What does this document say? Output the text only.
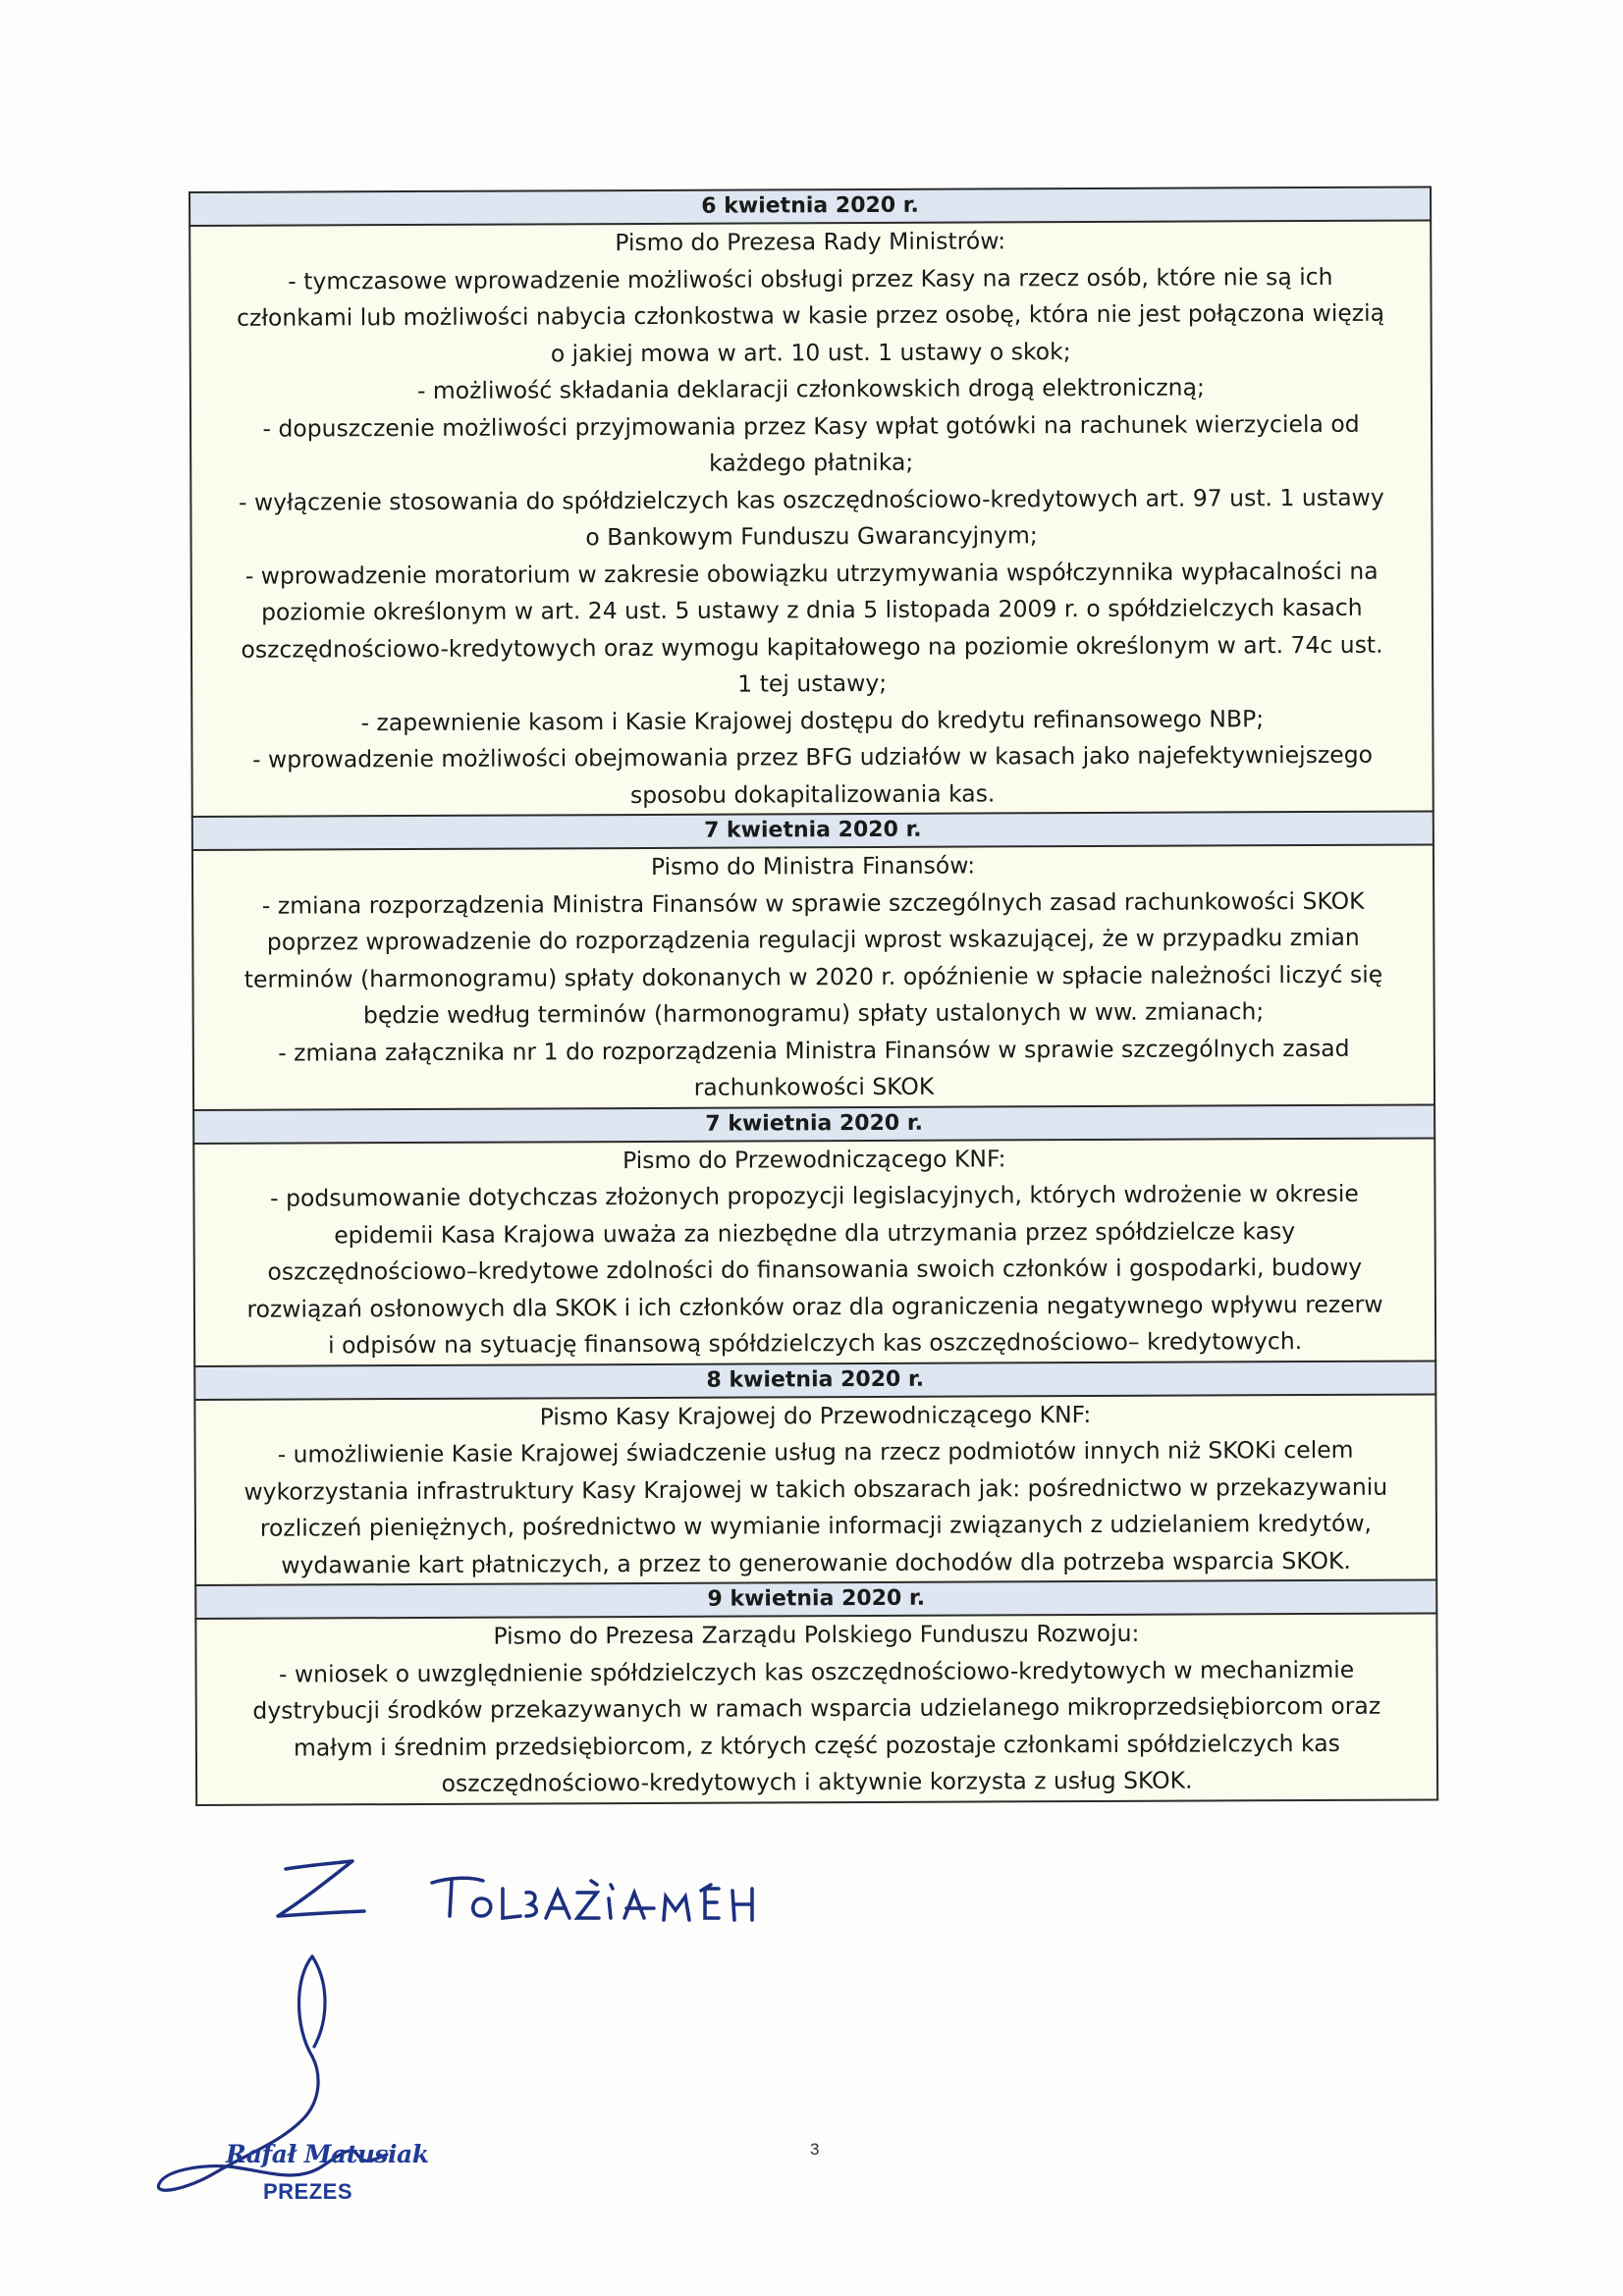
6 kwietnia 2020 r.

Pismo do Prezesa Rady Ministrów:
- tymczasowe wprowadzenie możliwości obsługi przez Kasy na rzecz osób, które nie są ich
członkami lub możliwości nabycia członkostwa w kasie przez osobę, która nie jest połączona więzią
o jakiej mowa w art. 10 ust. 1 ustawy o skok;
- możliwość składania deklaracji członkowskich drogą elektroniczną;
- dopuszczenie możliwości przyjmowania przez Kasy wpłat gotówki na rachunek wierzyciela od
każdego płatnika;
- wyłączenie stosowania do spółdzielczych kas oszczędnościowo-kredytowych art. 97 ust. 1 ustawy
o Bankowym Funduszu Gwarancyjnym;
- wprowadzenie moratorium w zakresie obowiązku utrzymywania współczynnika wypłacalności na
poziomie określonym w art. 24 ust. 5 ustawy z dnia 5 listopada 2009 r. o spółdzielczych kasach
oszczędnościowo-kredytowych oraz wymogu kapitałowego na poziomie określonym w art. 74c ust.
1 tej ustawy;
- zapewnienie kasom i Kasie Krajowej dostępu do kredytu refinansowego NBP;
- wprowadzenie możliwości obejmowania przez BFG udziałów w kasach jako najefektywniejszego
sposobu dokapitalizowania kas.

7 kwietnia 2020 r.

Pismo do Ministra Finansów:
- zmiana rozporządzenia Ministra Finansów w sprawie szczególnych zasad rachunkowości SKOK
poprzez wprowadzenie do rozporządzenia regulacji wprost wskazującej, że w przypadku zmian
terminów (harmonogramu) spłaty dokonanych w 2020 r. opóźnienie w spłacie należności liczyć się
będzie według terminów (harmonogramu) spłaty ustalonych w ww. zmianach;
- zmiana załącznika nr 1 do rozporządzenia Ministra Finansów w sprawie szczególnych zasad
rachunkowości SKOK

7 kwietnia 2020 r.

Pismo do Przewodniczącego KNF:
- podsumowanie dotychczas złożonych propozycji legislacyjnych, których wdrożenie w okresie
epidemii Kasa Krajowa uważa za niezbędne dla utrzymania przez spółdzielcze kasy
oszczędnościowo–kredytowe zdolności do finansowania swoich członków i gospodarki, budowy
rozwiązań osłonowych dla SKOK i ich członków oraz dla ograniczenia negatywnego wpływu rezerw
i odpisów na sytuację finansową spółdzielczych kas oszczędnościowo– kredytowych.

8 kwietnia 2020 r.

Pismo Kasy Krajowej do Przewodniczącego KNF:
- umożliwienie Kasie Krajowej świadczenie usług na rzecz podmiotów innych niż SKOKi celem
wykorzystania infrastruktury Kasy Krajowej w takich obszarach jak: pośrednictwo w przekazywaniu
rozliczeń pieniężnych, pośrednictwo w wymianie informacji związanych z udzielaniem kredytów,
wydawanie kart płatniczych, a przez to generowanie dochodów dla potrzeba wsparcia SKOK.

9 kwietnia 2020 r.

Pismo do Prezesa Zarządu Polskiego Funduszu Rozwoju:
- wniosek o uwzględnienie spółdzielczych kas oszczędnościowo-kredytowych w mechanizmie
dystrybucji środków przekazywanych w ramach wsparcia udzielanego mikroprzedsiębiorcom oraz
małym i średnim przedsiębiorcom, z których część pozostaje członkami spółdzielczych kas
oszczędnościowo-kredytowych i aktywnie korzysta z usług SKOK.
Rafał Matusiak
PREZES
3
